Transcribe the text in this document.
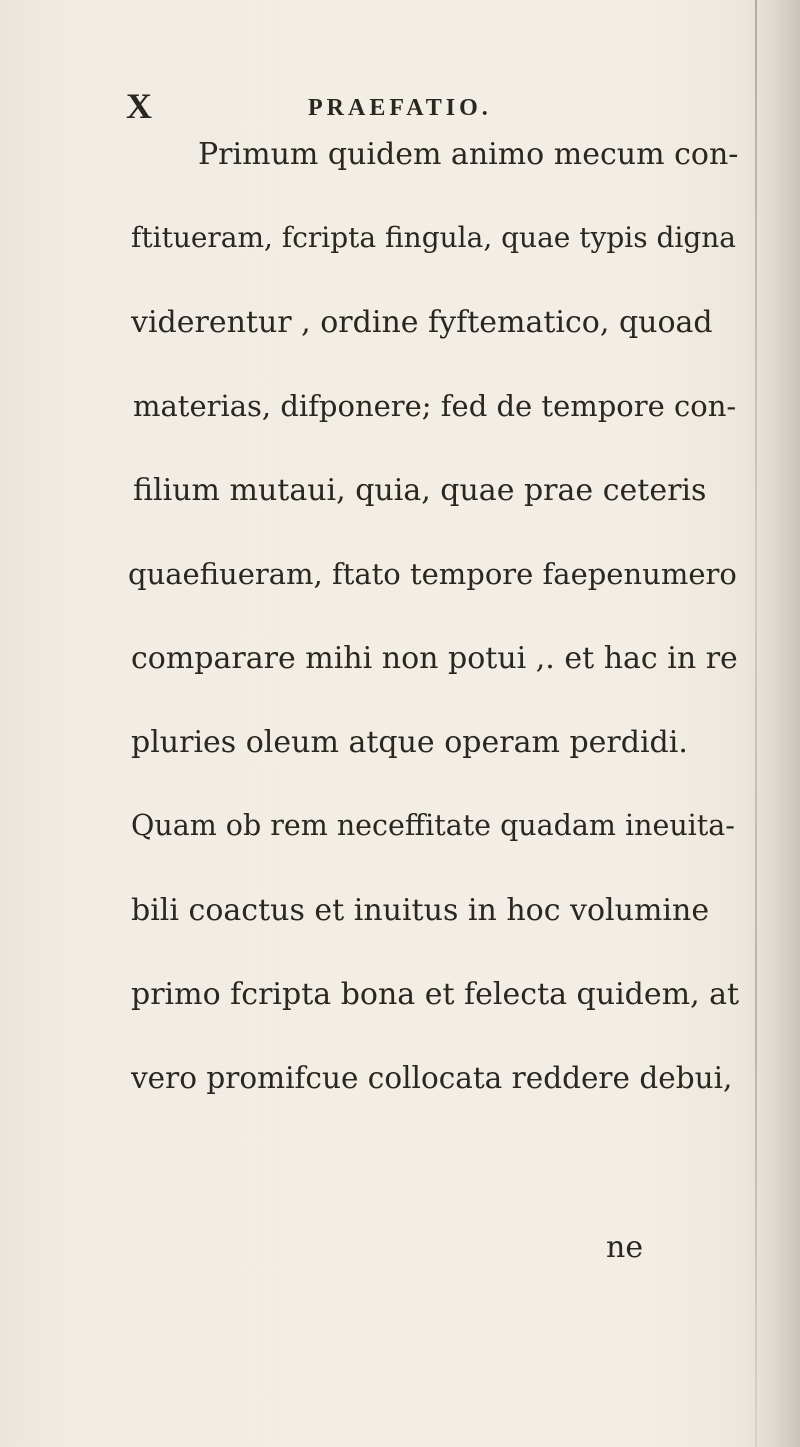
X	PRAEFATIO.
Primum quidem animo mecum con-
ftitueram, fcripta fingula, quae typis digna
viderentur , ordine fyftematico, quoad
materias, difponere; fed de tempore con-
filium mutaui, quia, quae prae ceteris
quaefiueram, ftato tempore faepenumero
comparare mihi non potui ,. et hac in re
pluries oleum atque operam perdidi.
Quam ob rem neceffitate quadam ineuita-
bili coactus et inuitus in hoc volumine
primo fcripta bona et felecta quidem, at
vero promifcue collocata reddere debui,
ne
